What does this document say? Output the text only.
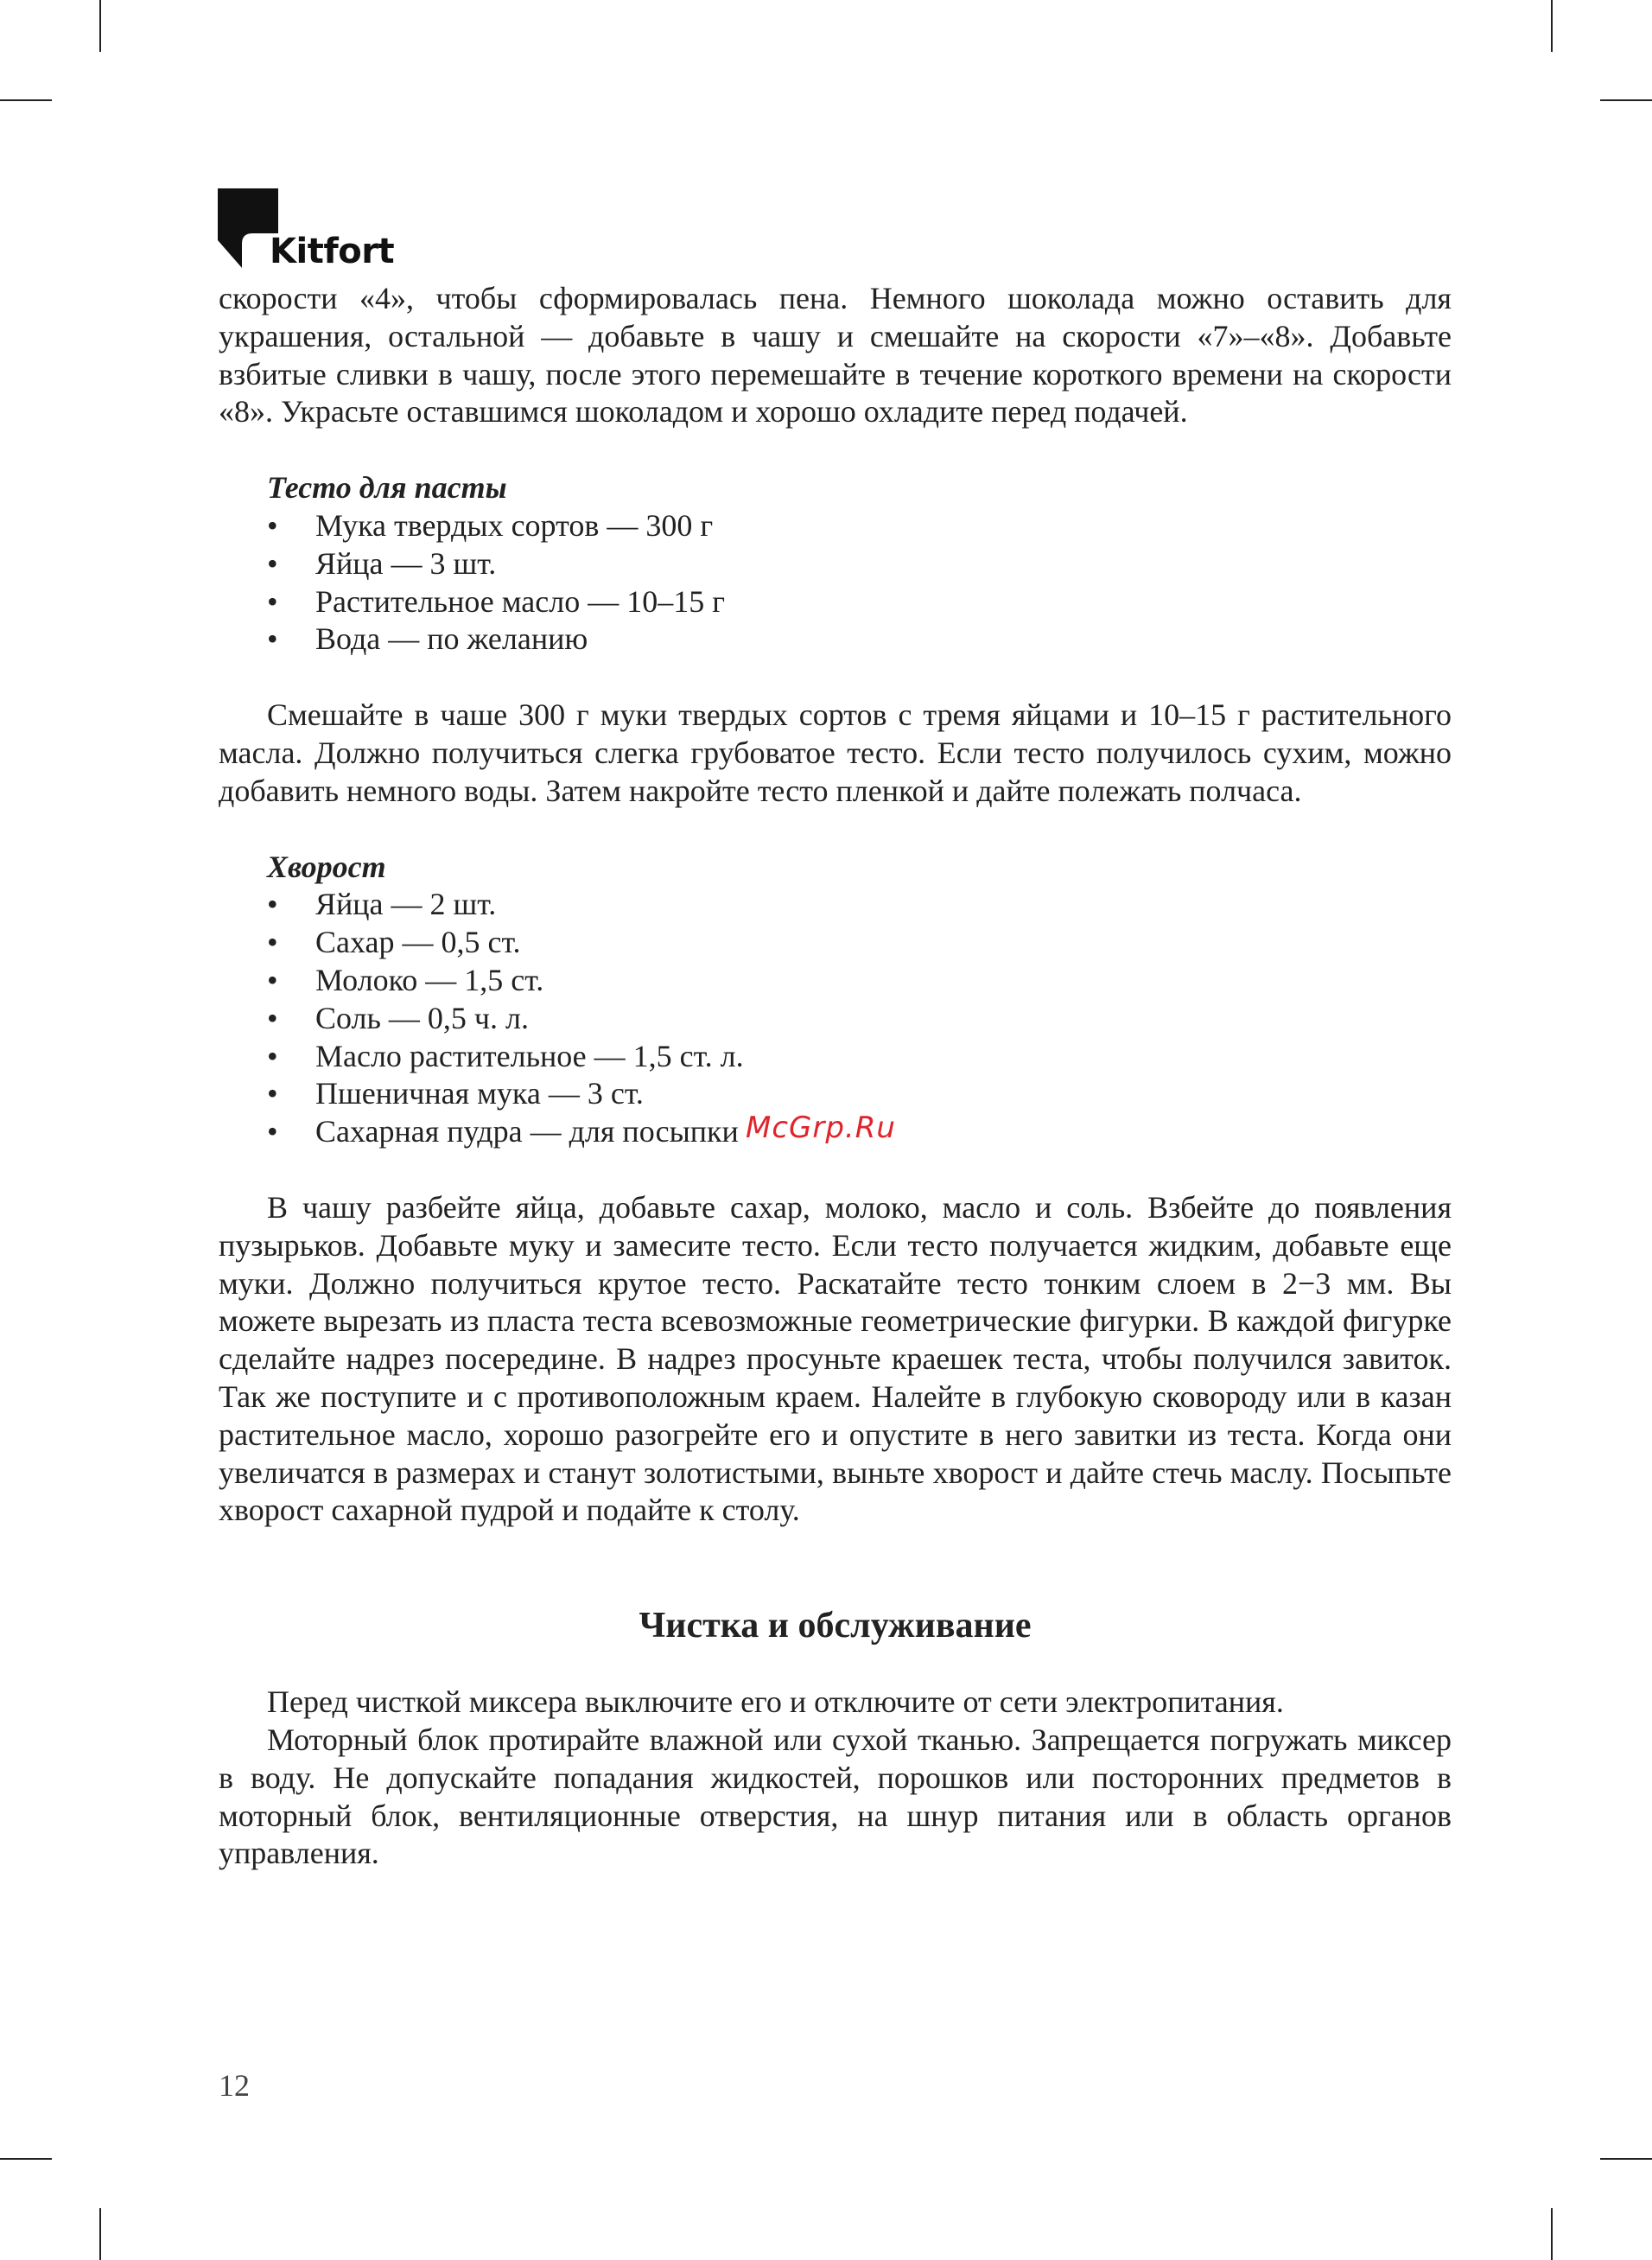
Kitfort
McGrp.Ru

скорости «4», чтобы сформировалась пена. Немного шоколада можно оставить для украшения, остальной — добавьте в чашу и смешайте на скорости «7»–«8». Добавьте взбитые сливки в чашу, после этого перемешайте в течение короткого времени на скорости «8». Украсьте оставшимся шоколадом и хорошо охладите перед подачей.

Тесто для пасты

• Мука твердых сортов — 300 г
• Яйца — 3 шт.
• Растительное масло — 10–15 г
• Вода — по желанию

Смешайте в чаше 300 г муки твердых сортов с тремя яйцами и 10–15 г растительного масла. Должно получиться слегка грубоватое тесто. Если тесто получилось сухим, можно добавить немного воды. Затем накройте тесто пленкой и дайте полежать полчаса.

Хворост

• Яйца — 2 шт.
• Сахар — 0,5 ст.
• Молоко — 1,5 ст.
• Соль — 0,5 ч. л.
• Масло растительное — 1,5 ст. л.
• Пшеничная мука — 3 ст.
• Сахарная пудра — для посыпки

В чашу разбейте яйца, добавьте сахар, молоко, масло и соль. Взбейте до появления пузырьков. Добавьте муку и замесите тесто. Если тесто получается жидким, добавьте еще муки. Должно получиться крутое тесто. Раскатайте тесто тонким слоем в 2−3 мм. Вы можете вырезать из пласта теста всевозможные геометрические фигурки. В каждой фигурке сделайте надрез посередине. В надрез просуньте краешек теста, чтобы получился завиток. Так же поступите и с противоположным краем. Налейте в глубокую сковороду или в казан растительное масло, хорошо разогрейте его и опустите в него завитки из теста. Когда они увеличатся в размерах и станут золотистыми, выньте хворост и дайте стечь маслу. Посыпьте хворост сахарной пудрой и подайте к столу.

Чистка и обслуживание

Перед чисткой миксера выключите его и отключите от сети электропитания.

Моторный блок протирайте влажной или сухой тканью. Запрещается погружать миксер в воду. Не допускайте попадания жидкостей, порошков или посторонних предметов в моторный блок, вентиляционные отверстия, на шнур питания или в область органов управления.

12
